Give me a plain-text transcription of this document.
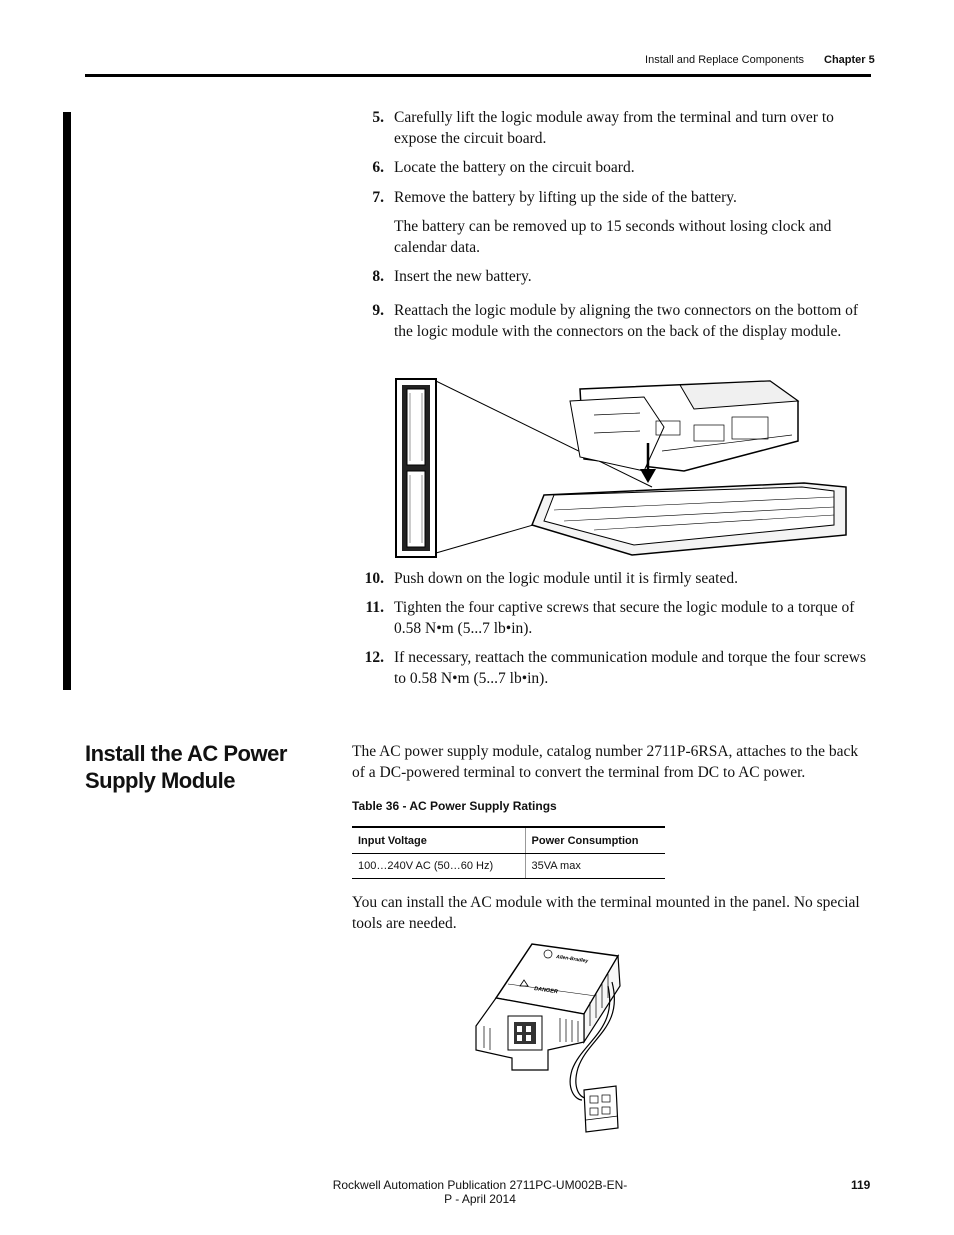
Install and Replace Components Chapter 5
5. Carefully lift the logic module away from the terminal and turn over to expose the circuit board.
6. Locate the battery on the circuit board.
7. Remove the battery by lifting up the side of the battery.
The battery can be removed up to 15 seconds without losing clock and calendar data.
8. Insert the new battery.
9. Reattach the logic module by aligning the two connectors on the bottom of the logic module with the connectors on the back of the display module.
10. Push down on the logic module until it is firmly seated.
11. Tighten the four captive screws that secure the logic module to a torque of 0.58 N•m (5...7 lb•in).
12. If necessary, reattach the communication module and torque the four screws to 0.58 N•m (5...7 lb•in).
Install the AC Power Supply Module
The AC power supply module, catalog number 2711P-6RSA, attaches to the back of a DC-powered terminal to convert the terminal from DC to AC power.
Table 36 - AC Power Supply Ratings
Input Voltage	Power Consumption
100…240V AC (50…60 Hz)	35VA max
You can install the AC module with the terminal mounted in the panel. No special tools are needed.
DANGER
Allen-Bradley
Rockwell Automation Publication 2711PC-UM002B-EN-P - April 2014
119
